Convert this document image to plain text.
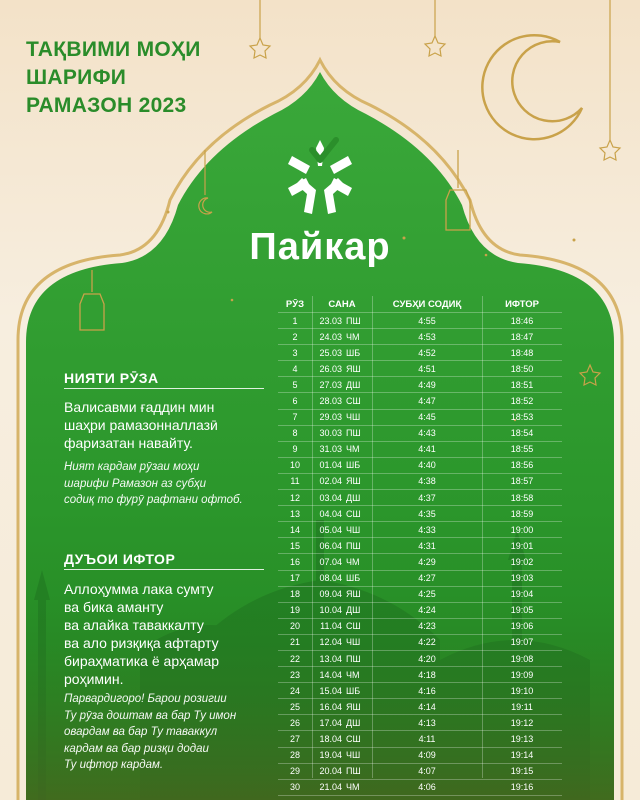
ТАҚВИМИ МОҲИ
ШАРИФИ
РАМАЗОН 2023
Пайкар
НИЯТИ РӮЗА
Валисавми ғаддин мин
шаҳри рамазонналлазӣ
фаризатан навайту.
Ният кардам рӯзаи моҳи
шарифи Рамазон аз субҳи
содиқ то фурӯ рафтани офтоб.
ДУЪОИ ИФТОР
Аллоҳумма лака сумту
ва бика аманту
ва алайка таваккалту
ва ало ризқиқа афтарту
бираҳматика ё арҳамар
роҳимин.
Парвардигоро! Барои розигии
Ту рӯза доштам ва бар Ту имон
овардам ва бар Ту таваккул
кардам ва бар ризқи додаи
Ту ифтор кардам.
РӮЗ	САНА	СУБҲИ СОДИҚ	ИФТОР
1	23.03 ПШ	4:55	18:46
2	24.03 ЧМ	4:53	18:47
3	25.03 ШБ	4:52	18:48
4	26.03 ЯШ	4:51	18:50
5	27.03 ДШ	4:49	18:51
6	28.03 СШ	4:47	18:52
7	29.03 ЧШ	4:45	18:53
8	30.03 ПШ	4:43	18:54
9	31.03 ЧМ	4:41	18:55
10	01.04 ШБ	4:40	18:56
11	02.04 ЯШ	4:38	18:57
12	03.04 ДШ	4:37	18:58
13	04.04 СШ	4:35	18:59
14	05.04 ЧШ	4:33	19:00
15	06.04 ПШ	4:31	19:01
16	07.04 ЧМ	4:29	19:02
17	08.04 ШБ	4:27	19:03
18	09.04 ЯШ	4:25	19:04
19	10.04 ДШ	4:24	19:05
20	11.04 СШ	4:23	19:06
21	12.04 ЧШ	4:22	19:07
22	13.04 ПШ	4:20	19:08
23	14.04 ЧМ	4:18	19:09
24	15.04 ШБ	4:16	19:10
25	16.04 ЯШ	4:14	19:11
26	17.04 ДШ	4:13	19:12
27	18.04 СШ	4:11	19:13
28	19.04 ЧШ	4:09	19:14
29	20.04 ПШ	4:07	19:15
30	21.04 ЧМ	4:06	19:16
